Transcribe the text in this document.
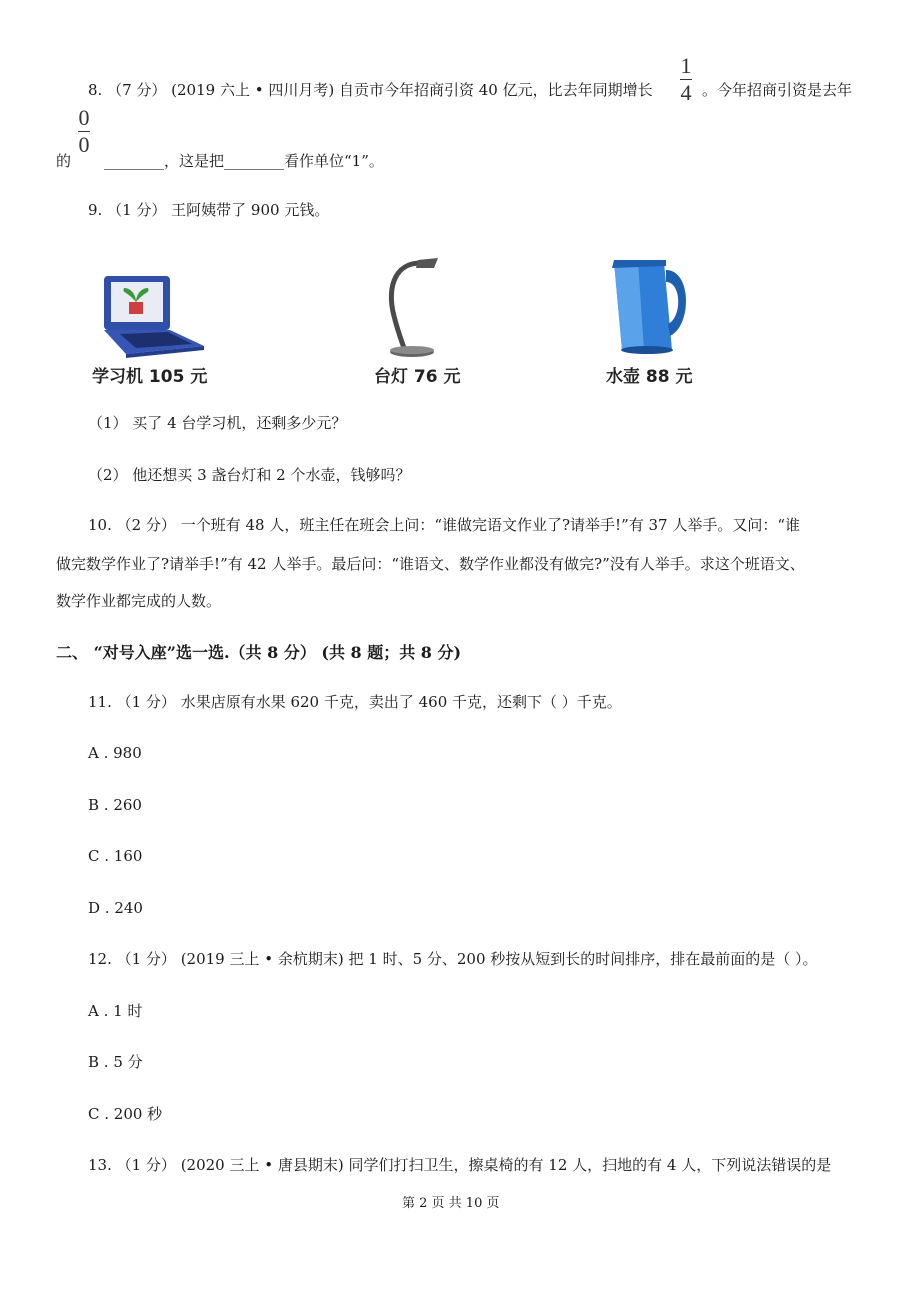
8. （7 分） (2019 六上 • 四川月考) 自贡市今年招商引资 40 亿元，比去年同期增长
1
4 。今年招商引资是去年
0
0
的 ________，这是把________看作单位“1”。
9. （1 分） 王阿姨带了 900 元钱。
学习机 105 元	台灯 76 元	水壶 88 元
（1） 买了 4 台学习机，还剩多少元？
（2） 他还想买 3 盏台灯和 2 个水壶，钱够吗？
10. （2 分） 一个班有 48 人，班主任在班会上问：“谁做完语文作业了?请举手!”有 37 人举手。又问：“谁
做完数学作业了?请举手!”有 42 人举手。最后问：“谁语文、数学作业都没有做完?”没有人举手。求这个班语文、
数学作业都完成的人数。
二、 “对号入座”选一选.（共 8 分） (共 8 题；共 8 分)
11. （1 分） 水果店原有水果 620 千克，卖出了 460 千克，还剩下（ ）千克。
A . 980
B . 260
C . 160
D . 240
12. （1 分） (2019 三上 • 余杭期末) 把 1 时、5 分、200 秒按从短到长的时间排序，排在最前面的是（ ）。
A . 1 时
B . 5 分
C . 200 秒
13. （1 分） (2020 三上 • 唐县期末) 同学们打扫卫生，擦桌椅的有 12 人，扫地的有 4 人，下列说法错误的是
第 2 页 共 10 页
